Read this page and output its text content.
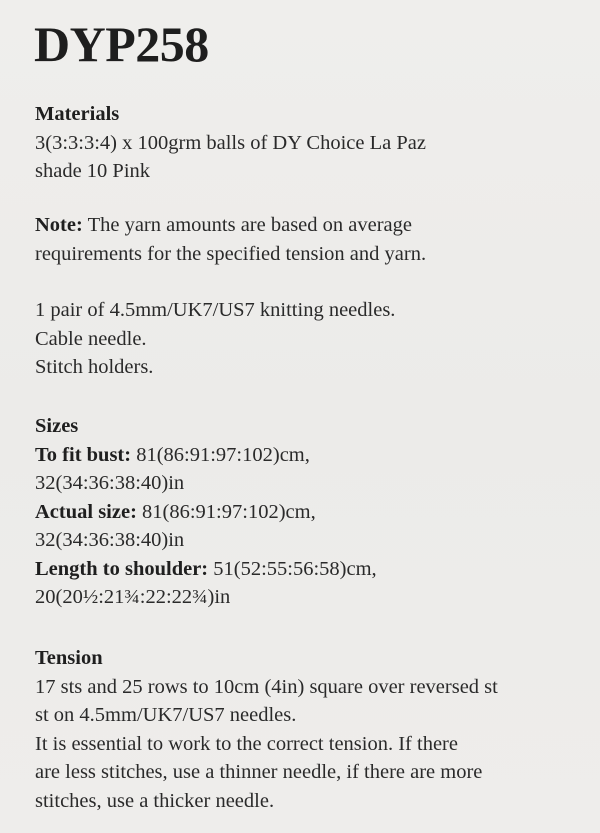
DYP258
Materials
3(3:3:3:4) x 100grm balls of DY Choice La Paz
shade 10 Pink
Note: The yarn amounts are based on average
requirements for the specified tension and yarn.
1 pair of 4.5mm/UK7/US7 knitting needles.
Cable needle.
Stitch holders.
Sizes
To fit bust: 81(86:91:97:102)cm,
32(34:36:38:40)in
Actual size: 81(86:91:97:102)cm,
32(34:36:38:40)in
Length to shoulder: 51(52:55:56:58)cm,
20(20½:21¾:22:22¾)in
Tension
17 sts and 25 rows to 10cm (4in) square over reversed st
st on 4.5mm/UK7/US7 needles.
It is essential to work to the correct tension. If there
are less stitches, use a thinner needle, if there are more
stitches, use a thicker needle.
